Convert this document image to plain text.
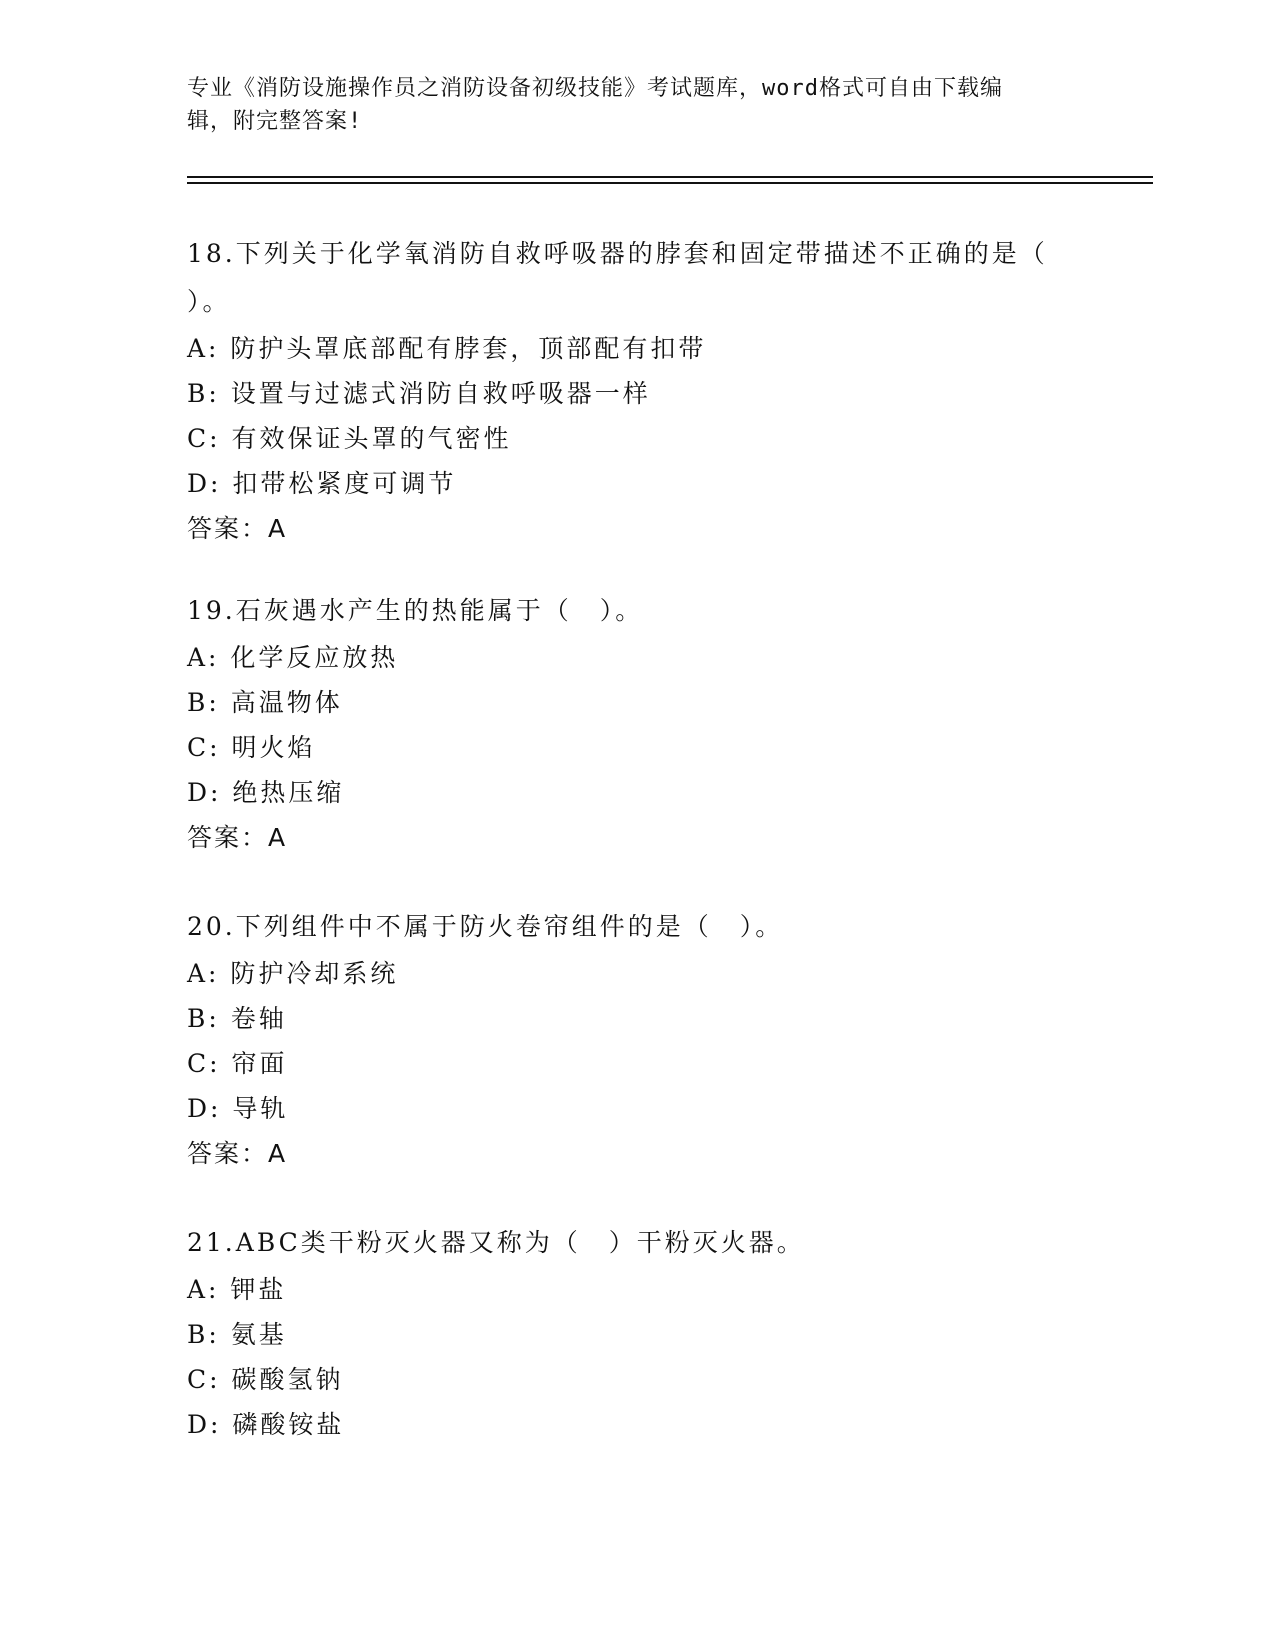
专业《消防设施操作员之消防设备初级技能》考试题库，word格式可自由下载编
辑，附完整答案!
18.下列关于化学氧消防自救呼吸器的脖套和固定带描述不正确的是（
）。
A: 防护头罩底部配有脖套，顶部配有扣带
B: 设置与过滤式消防自救呼吸器一样
C: 有效保证头罩的气密性
D: 扣带松紧度可调节
答案：A
19.石灰遇水产生的热能属于（　）。
A: 化学反应放热
B: 高温物体
C: 明火焰
D: 绝热压缩
答案：A
20.下列组件中不属于防火卷帘组件的是（　）。
A: 防护冷却系统
B: 卷轴
C: 帘面
D: 导轨
答案：A
21.ABC类干粉灭火器又称为（　）干粉灭火器。
A: 钾盐
B: 氨基
C: 碳酸氢钠
D: 磷酸铵盐
